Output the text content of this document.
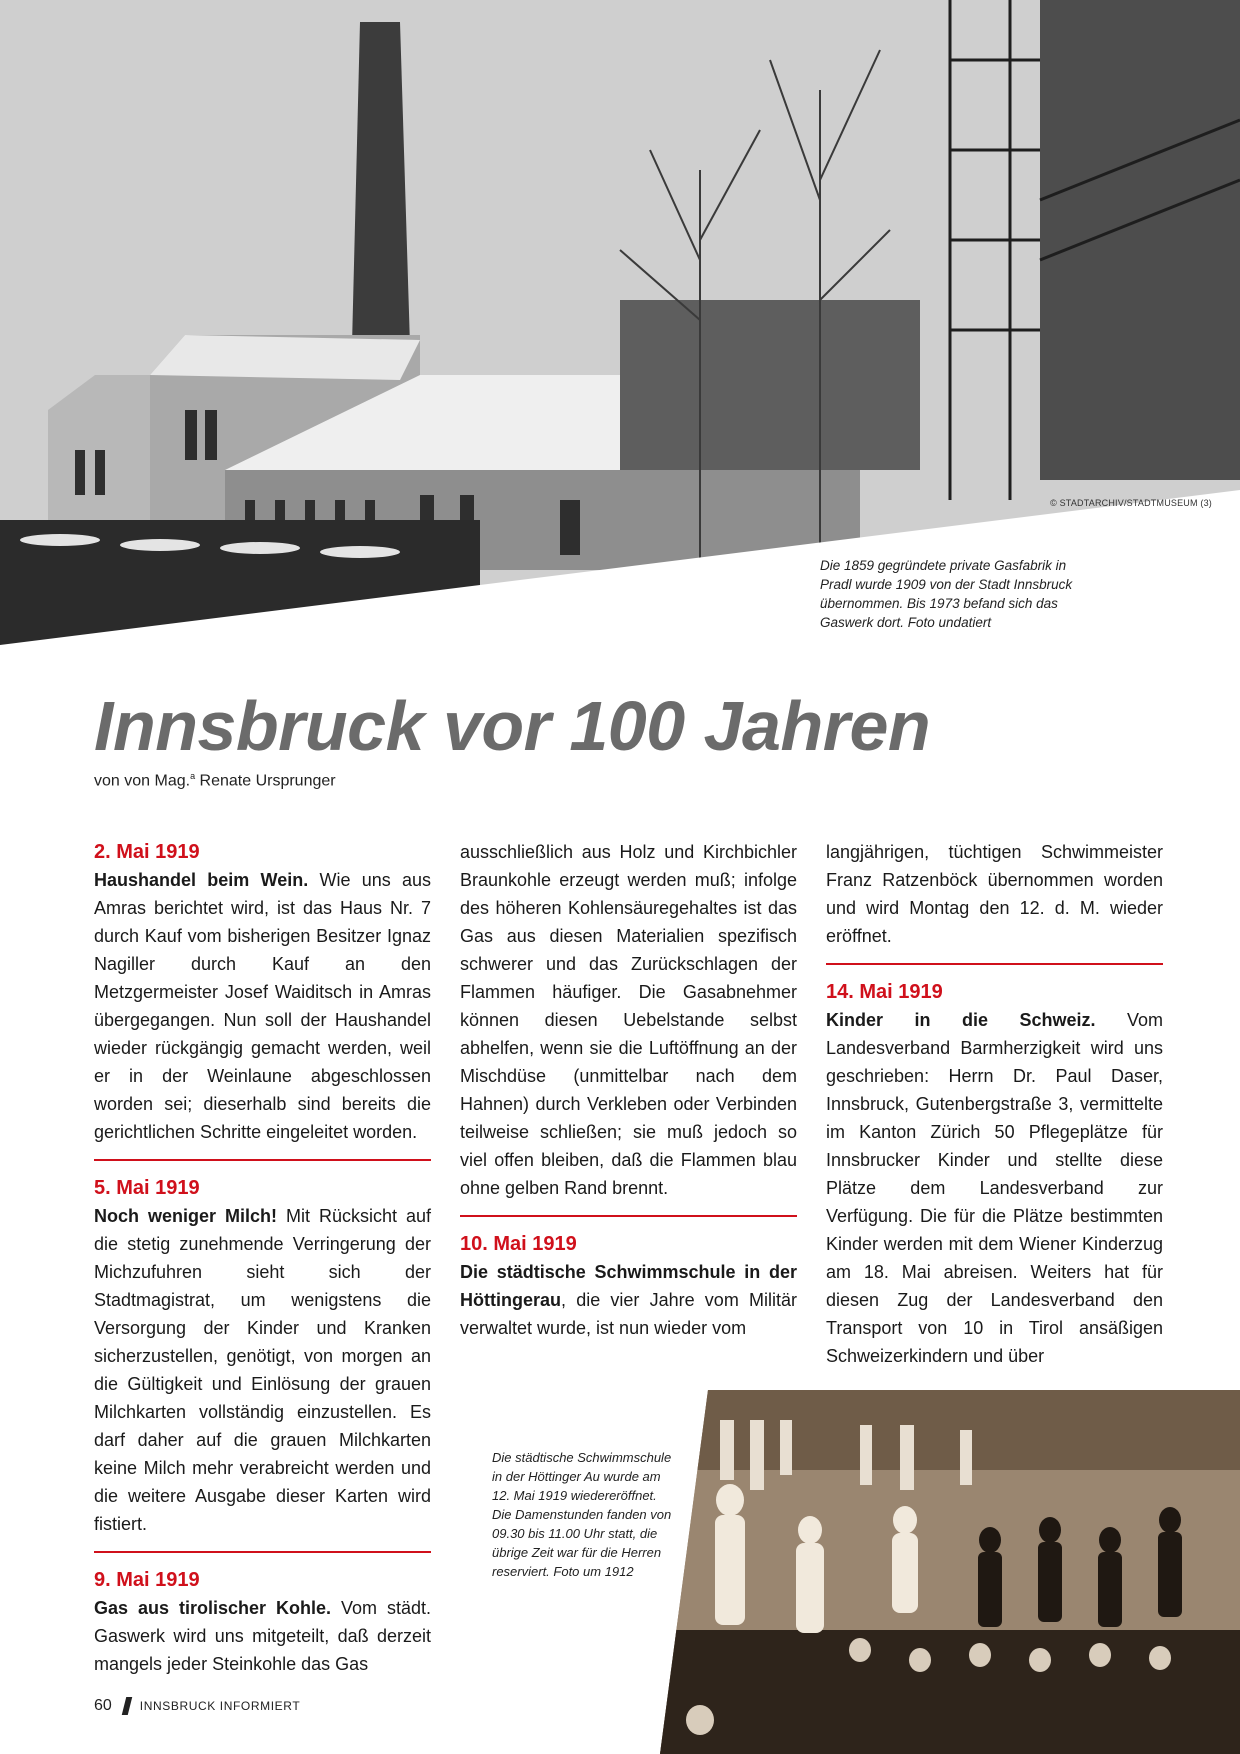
© STADTARCHIV/STADTMUSEUM (3)
Die 1859 gegründete private Gasfabrik in Pradl wurde 1909 von der Stadt Innsbruck übernommen. Bis 1973 befand sich das Gaswerk dort. Foto undatiert
Innsbruck vor 100 Jahren
von von Mag.$^a$ Renate Ursprunger
2. Mai 1919

Haushandel beim Wein. Wie uns aus Amras berichtet wird, ist das Haus Nr. 7 durch Kauf vom bisherigen Besitzer Ignaz Nagiller durch Kauf an den Metzgermeister Josef Waiditsch in Amras übergegangen. Nun soll der Haushandel wieder rückgängig gemacht werden, weil er in der Weinlaune abgeschlossen worden sei; dieserhalb sind bereits die gerichtlichen Schritte eingeleitet worden.

5. Mai 1919

Noch weniger Milch! Mit Rücksicht auf die stetig zunehmende Verringerung der Michzufuhren sieht sich der Stadtmagistrat, um wenigstens die Versorgung der Kinder und Kranken sicherzustellen, genötigt, von morgen an die Gültigkeit und Einlösung der grauen Milchkarten vollständig einzustellen. Es darf daher auf die grauen Milchkarten keine Milch mehr verabreicht werden und die weitere Ausgabe dieser Karten wird fistiert.

9. Mai 1919

Gas aus tirolischer Kohle. Vom städt. Gaswerk wird uns mitgeteilt, daß derzeit mangels jeder Steinkohle das Gas

ausschließlich aus Holz und Kirchbichler Braunkohle erzeugt werden muß; infolge des höheren Kohlensäuregehaltes ist das Gas aus diesen Materialien spezifisch schwerer und das Zurückschlagen der Flammen häufiger. Die Gasabnehmer können diesen Uebelstande selbst abhelfen, wenn sie die Luftöffnung an der Mischdüse (unmittelbar nach dem Hahnen) durch Verkleben oder Verbinden teilweise schließen; sie muß jedoch so viel offen bleiben, daß die Flammen blau ohne gelben Rand brennt.

10. Mai 1919

Die städtische Schwimmschule in der Höttingerau, die vier Jahre vom Militär verwaltet wurde, ist nun wieder vom

langjährigen, tüchtigen Schwimmeister Franz Ratzenböck übernommen worden und wird Montag den 12. d. M. wieder eröffnet.

14. Mai 1919

Kinder in die Schweiz. Vom Landesverband Barmherzigkeit wird uns geschrieben: Herrn Dr. Paul Daser, Innsbruck, Gutenbergstraße 3, vermittelte im Kanton Zürich 50 Pflegeplätze für Innsbrucker Kinder und stellte diese Plätze dem Landesverband zur Verfügung. Die für die Plätze bestimmten Kinder werden mit dem Wiener Kinderzug am 18. Mai abreisen. Weiters hat für diesen Zug der Landesverband den Transport von 10 in Tirol ansäßigen Schweizerkindern und über

Die städtische Schwimmschule in der Höttinger Au wurde am 12. Mai 1919 wiedereröffnet. Die Damenstunden fanden von 09.30 bis 11.00 Uhr statt, die übrige Zeit war für die Herren reserviert. Foto um 1912
60 INNSBRUCK INFORMIERT
